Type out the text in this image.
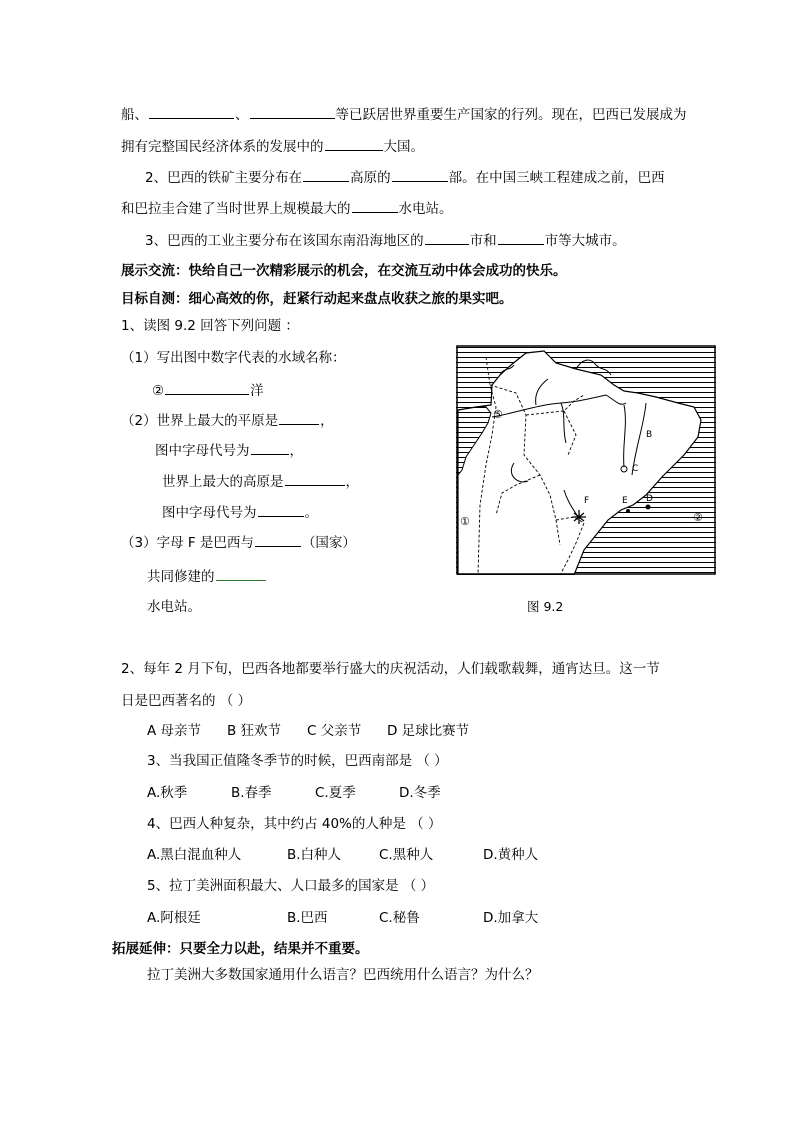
船、	、	等已跃居世界重要生产国家的行列。现在，巴西已发展成为
拥有完整国民经济体系的发展中的	大国。
2、巴西的铁矿主要分布在	高原的	部。在中国三峡工程建成之前，巴西
和巴拉圭合建了当时世界上规模最大的	水电站。
3、巴西的工业主要分布在该国东南沿海地区的	市和	市等大城市。
展示交流：快给自己一次精彩展示的机会，在交流互动中体会成功的快乐。
目标自测：细心高效的你，赶紧行动起来盘点收获之旅的果实吧。
1、读图 9.2 回答下列问题 ：
（1）写出图中数字代表的水域名称：
②	洋
（2）世界上最大的平原是	，
图中字母代号为	，
世界上最大的高原是	，
图中字母代号为	。
（3）字母 F 是巴西与	（国家）
共同修建的
水电站。
⑤
①	②
B
C
D
E
F
图 9.2
2、每年 2 月下旬，巴西各地都要举行盛大的庆祝活动，人们载歌载舞，通宵达旦。这一节
日是巴西著名的 （ ）
A 母亲节 B 狂欢节 C 父亲节 D 足球比赛节
3、当我国正值隆冬季节的时候，巴西南部是 （ ）
A.秋季	B.春季	C.夏季	D.冬季
4、巴西人种复杂，其中约占 40%的人种是 （ ）
A.黑白混血种人	B.白种人	C.黑种人	D.黄种人
5、拉丁美洲面积最大、人口最多的国家是 （ ）
A.阿根廷	B.巴西	C.秘鲁	D.加拿大
拓展延伸：只要全力以赴，结果并不重要。
拉丁美洲大多数国家通用什么语言？巴西统用什么语言？为什么？
